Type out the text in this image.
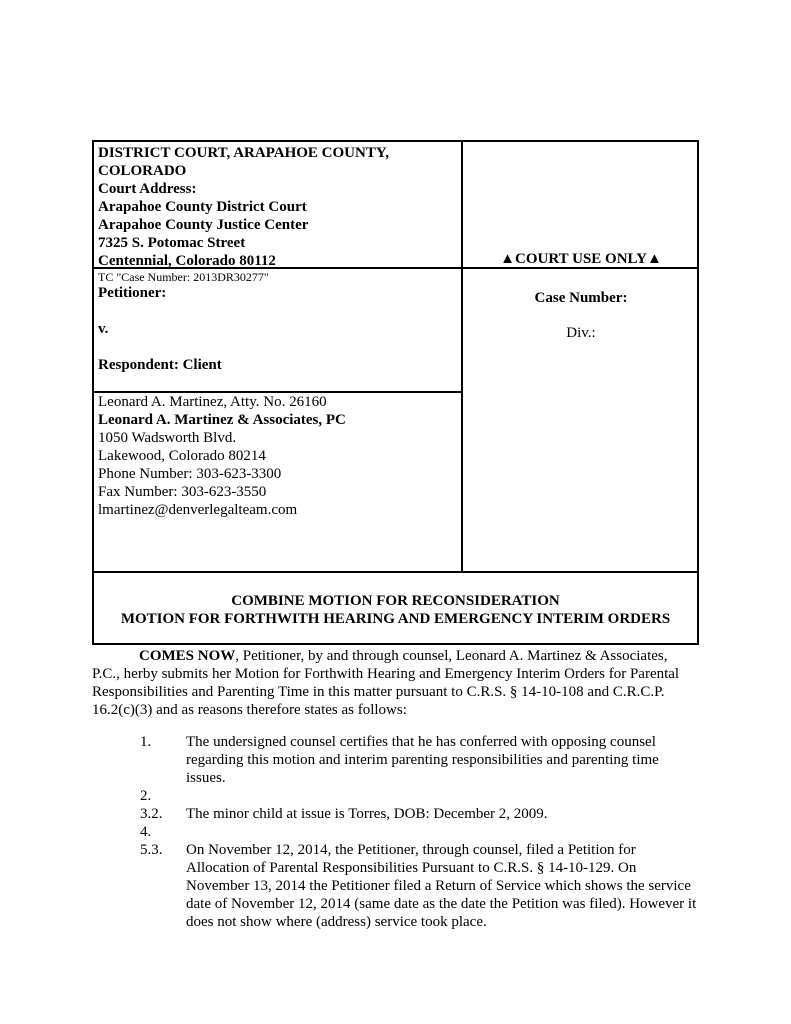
DISTRICT COURT, ARAPAHOE COUNTY,
COLORADO
Court Address:
Arapahoe County District Court
Arapahoe County Justice Center
7325 S. Potomac Street
Centennial, Colorado 80112	▲COURT USE ONLY▲
TC "Case Number: 2013DR30277"
Petitioner:
v.
Respondent: Client
Case Number:
Div.:
Leonard A. Martinez, Atty. No. 26160
Leonard A. Martinez & Associates, PC
1050 Wadsworth Blvd.
Lakewood, Colorado 80214
Phone Number: 303-623-3300
Fax Number: 303-623-3550
lmartinez@denverlegalteam.com
COMBINE MOTION FOR RECONSIDERATION
MOTION FOR FORTHWITH HEARING AND EMERGENCY INTERIM ORDERS
COMES NOW, Petitioner, by and through counsel, Leonard A. Martinez & Associates, P.C., herby submits her Motion for Forthwith Hearing and Emergency Interim Orders for Parental Responsibilities and Parenting Time in this matter pursuant to C.R.S. § 14-10-108 and C.R.C.P. 16.2(c)(3) and as reasons therefore states as follows:
1.	The undersigned counsel certifies that he has conferred with opposing counsel regarding this motion and interim parenting responsibilities and parenting time issues.
2.
3.2.	The minor child at issue is Torres, DOB: December 2, 2009.
4.
5.3.	On November 12, 2014, the Petitioner, through counsel, filed a Petition for Allocation of Parental Responsibilities Pursuant to C.R.S. § 14-10-129. On November 13, 2014 the Petitioner filed a Return of Service which shows the service date of November 12, 2014 (same date as the date the Petition was filed). However it does not show where (address) service took place.
